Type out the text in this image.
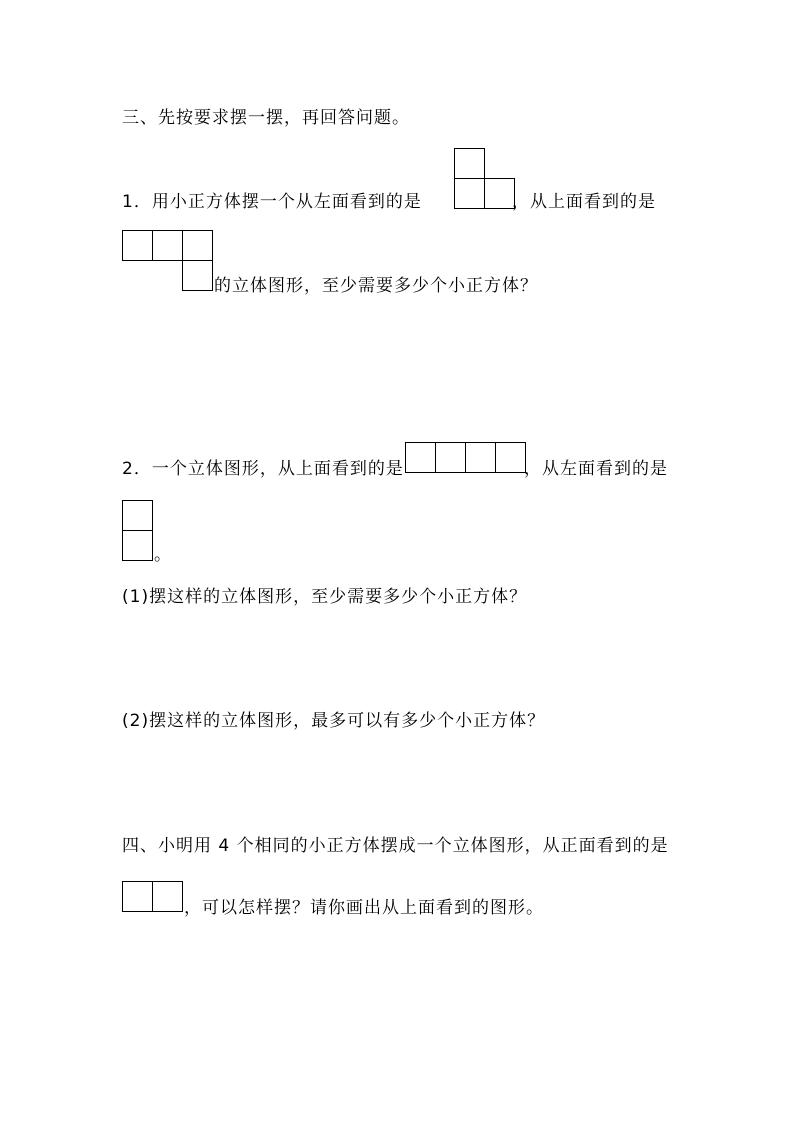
三、先按要求摆一摆，再回答问题。
1．用小正方体摆一个从左面看到的是	，从上面看到的是
的立体图形，至少需要多少个小正方体？
2．一个立体图形，从上面看到的是	，从左面看到的是
。
(1)摆这样的立体图形，至少需要多少个小正方体？
(2)摆这样的立体图形，最多可以有多少个小正方体？
四、小明用 4 个相同的小正方体摆成一个立体图形，从正面看到的是
，可以怎样摆？请你画出从上面看到的图形。
